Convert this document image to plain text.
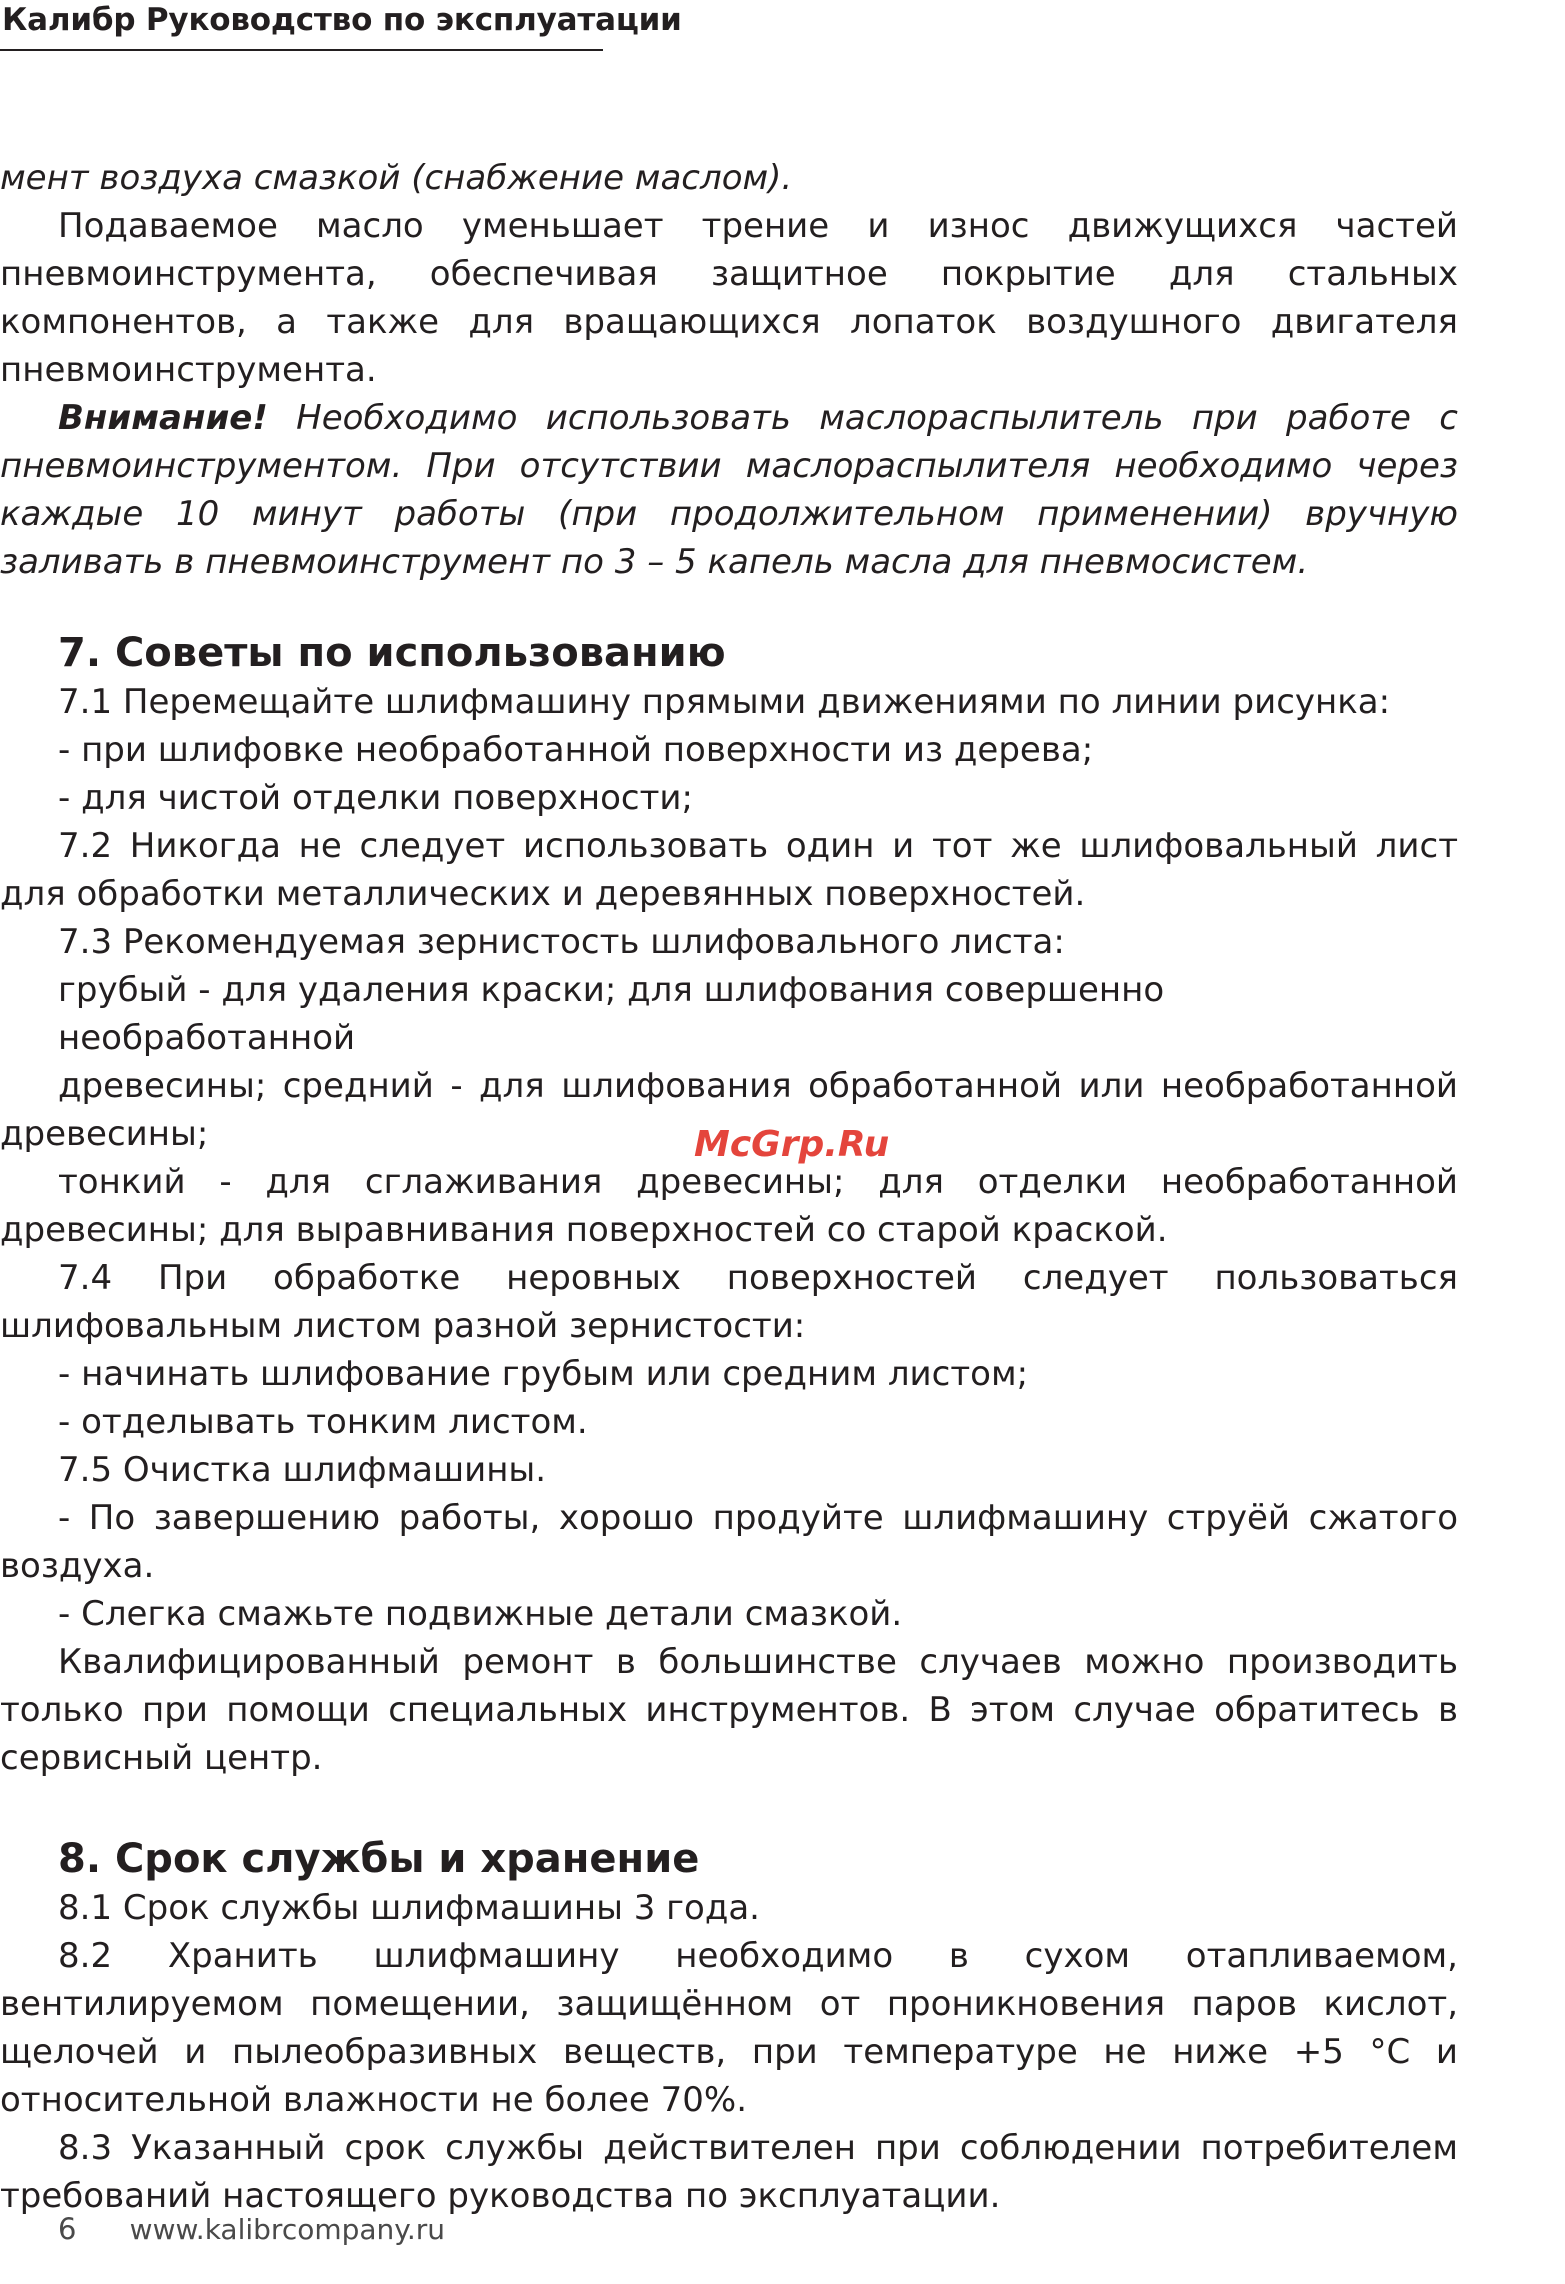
Калибр Руководство по эксплуатации

мент воздуха смазкой (снабжение маслом).

Подаваемое масло уменьшает трение и износ движущихся частей пневмоинструмента, обеспечивая защитное покрытие для стальных компонентов, а также для вращающихся лопаток воздушного двигателя пневмоинструмента.

Внимание! Необходимо использовать маслораспылитель при работе с пневмоинструментом. При отсутствии маслораспылителя необходимо через каждые 10 минут работы (при продолжительном применении) вручную заливать в пневмоинструмент по 3 – 5 капель масла для пневмосистем.

7. Советы по использованию

7.1 Перемещайте шлифмашину прямыми движениями по линии рисунка:

- при шлифовке необработанной поверхности из дерева;

- для чистой отделки поверхности;

7.2 Никогда не следует использовать один и тот же шлифовальный лист для обработки металлических и деревянных поверхностей.

7.3 Рекомендуемая зернистость шлифовального листа:

грубый - для удаления краски; для шлифования совершенно необработанной

древесины; средний - для шлифования обработанной или необработанной древесины;

тонкий - для сглаживания древесины; для отделки необработанной древесины; для выравнивания поверхностей со старой краской.

7.4 При обработке неровных поверхностей следует пользоваться шлифовальным листом разной зернистости:

- начинать шлифование грубым или средним листом;

- отделывать тонким листом.

7.5 Очистка шлифмашины.

- По завершению работы, хорошо продуйте шлифмашину струёй сжатого воздуха.

- Слегка смажьте подвижные детали смазкой.

Квалифицированный ремонт в большинстве случаев можно производить только при помощи специальных инструментов. В этом случае обратитесь в сервисный центр.

8. Срок службы и хранение

8.1 Срок службы шлифмашины 3 года.

8.2 Хранить шлифмашину необходимо в сухом отапливаемом, вентилируемом помещении, защищённом от проникновения паров кислот, щелочей и пылеобразивных веществ, при температуре не ниже +5 °С и относительной влажности не более 70%.

8.3 Указанный срок службы действителен при соблюдении потребителем требований настоящего руководства по эксплуатации.

McGrp.Ru
6 www.kalibrcompany.ru
